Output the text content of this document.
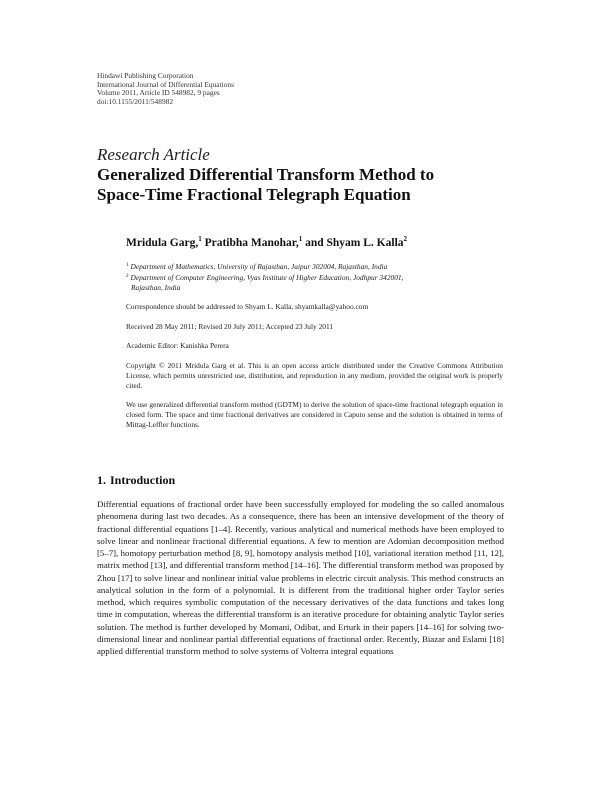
Hindawi Publishing Corporation
International Journal of Differential Equations
Volume 2011, Article ID 548982, 9 pages
doi:10.1155/2011/548982
Research Article
Generalized Differential Transform Method to
Space-Time Fractional Telegraph Equation
Mridula Garg,$^1$ Pratibha Manohar,$^1$ and Shyam L. Kalla$^2$
$^1$ Department of Mathematics, University of Rajasthan, Jaipur 302004, Rajasthan, India
$^2$ Department of Computer Engineering, Vyas Institute of Higher Education, Jodhpur 342001,
Rajasthan, India
Correspondence should be addressed to Shyam L. Kalla, shyamkalla@yahoo.com
Received 28 May 2011; Revised 20 July 2011; Accepted 23 July 2011
Academic Editor: Kanishka Perera
Copyright © 2011 Mridula Garg et al. This is an open access article distributed under the Creative Commons Attribution License, which permits unrestricted use, distribution, and reproduction in any medium, provided the original work is properly cited.
We use generalized differential transform method (GDTM) to derive the solution of space-time fractional telegraph equation in closed form. The space and time fractional derivatives are considered in Caputo sense and the solution is obtained in terms of Mittag-Leffler functions.
1. Introduction
Differential equations of fractional order have been successfully employed for modeling the so called anomalous phenomena during last two decades. As a consequence, there has been an intensive development of the theory of fractional differential equations [1–4]. Recently, various analytical and numerical methods have been employed to solve linear and nonlinear fractional differential equations. A few to mention are Adomian decomposition method [5–7], homotopy perturbation method [8, 9], homotopy analysis method [10], variational iteration method [11, 12], matrix method [13], and differential transform method [14–16]. The differential transform method was proposed by Zhou [17] to solve linear and nonlinear initial value problems in electric circuit analysis. This method constructs an analytical solution in the form of a polynomial. It is different from the traditional higher order Taylor series method, which requires symbolic computation of the necessary derivatives of the data functions and takes long time in computation, whereas the differential transform is an iterative procedure for obtaining analytic Taylor series solution. The method is further developed by Momani, Odibat, and Erturk in their papers [14–16] for solving two-dimensional linear and nonlinear partial differential equations of fractional order. Recently, Biazar and Eslami [18] applied differential transform method to solve systems of Volterra integral equations
